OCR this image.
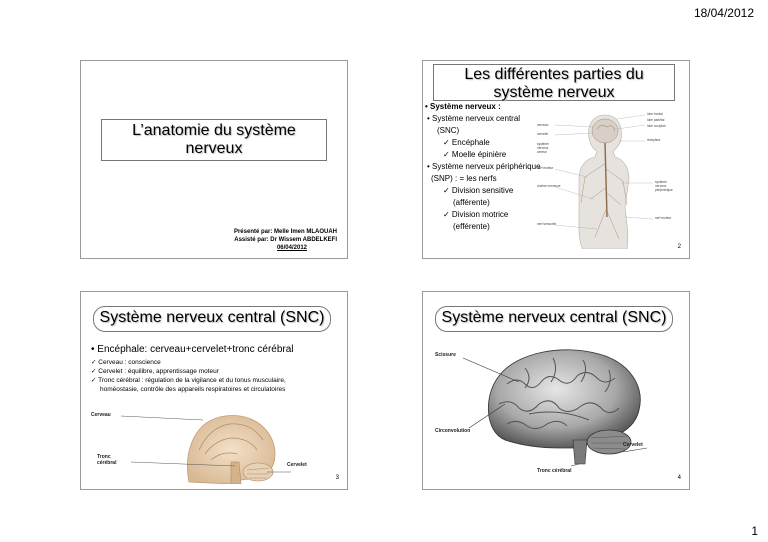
18/04/2012
L’anatomie du système nerveux
Présenté par: Melle Imen MLAOUAH
Assisté par: Dr Wissem ABDELKEFI
06/04/2012
Les différentes parties du système nerveux
• Système nerveux :
• Système nerveux central
(SNC)
✓ Encéphale
✓ Moelle épinière
• Système nerveux périphérique
(SNP) : = les nerfs
✓ Division sensitive
(afférente)
✓ Division motrice
(efférente)
cerveau
cervelet
système
nerveux
central
nerf moteur
chaîne nerveuse
nerf sensoriel
lobe frontal
lobe pariétal
lobe occipital
récepteur
système
nerveux
périphérique
nerf moteur
2
Système nerveux central (SNC)
• Encéphale: cerveau+cervelet+tronc cérébral
✓ Cerveau : conscience
✓ Cervelet : équilibre, apprentissage moteur
✓ Tronc cérébral : régulation de la vigilance et du tonus musculaire,
homéostasie, contrôle des appareils respiratoires et circulatoires
Cerveau
Tronc
cérébral	Cervelet
3
Système nerveux central (SNC)
Scissure
Circonvolution
Cervelet
Tronc cérébral
4
1
